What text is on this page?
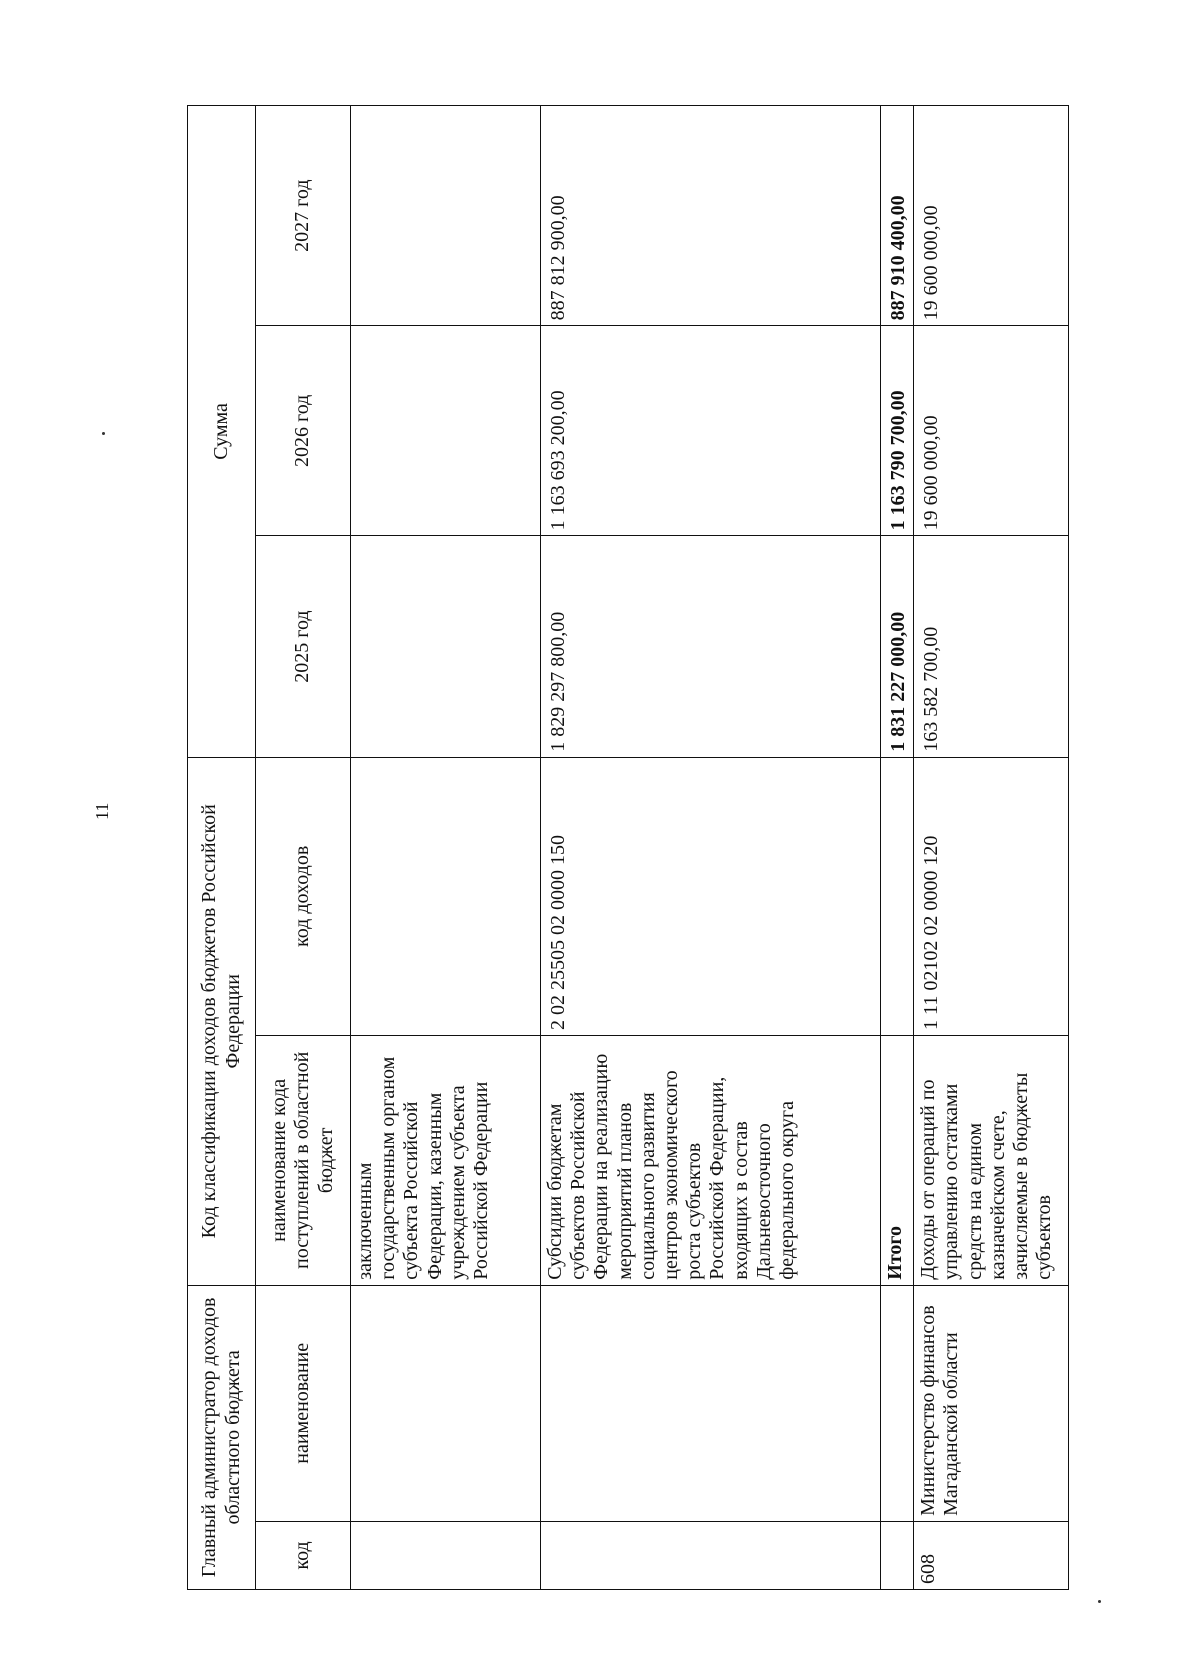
11
Главный администратор доходов областного бюджета		Код классификации доходов бюджетов Российской Федерации		Сумма		
код	наименование	наименование кода поступлений в областной бюджет	код доходов	2025 год	2026 год	2027 год
		заключенным государственным органом субъекта Российской Федерации, казенным учреждением субъекта Российской Федерации				
		Субсидии бюджетам субъектов Российской Федерации на реализацию мероприятий планов социального развития центров экономического роста субъектов Российской Федерации, входящих в состав Дальневосточного федерального округа	2 02 25505 02 0000 150	1 829 297 800,00	1 163 693 200,00	887 812 900,00
		Итого		1 831 227 000,00	1 163 790 700,00	887 910 400,00
608	Министерство финансов Магаданской области	Доходы от операций по управлению остатками средств на едином казначейском счете, зачисляемые в бюджеты субъектов	1 11 02102 02 0000 120	163 582 700,00	19 600 000,00	19 600 000,00
